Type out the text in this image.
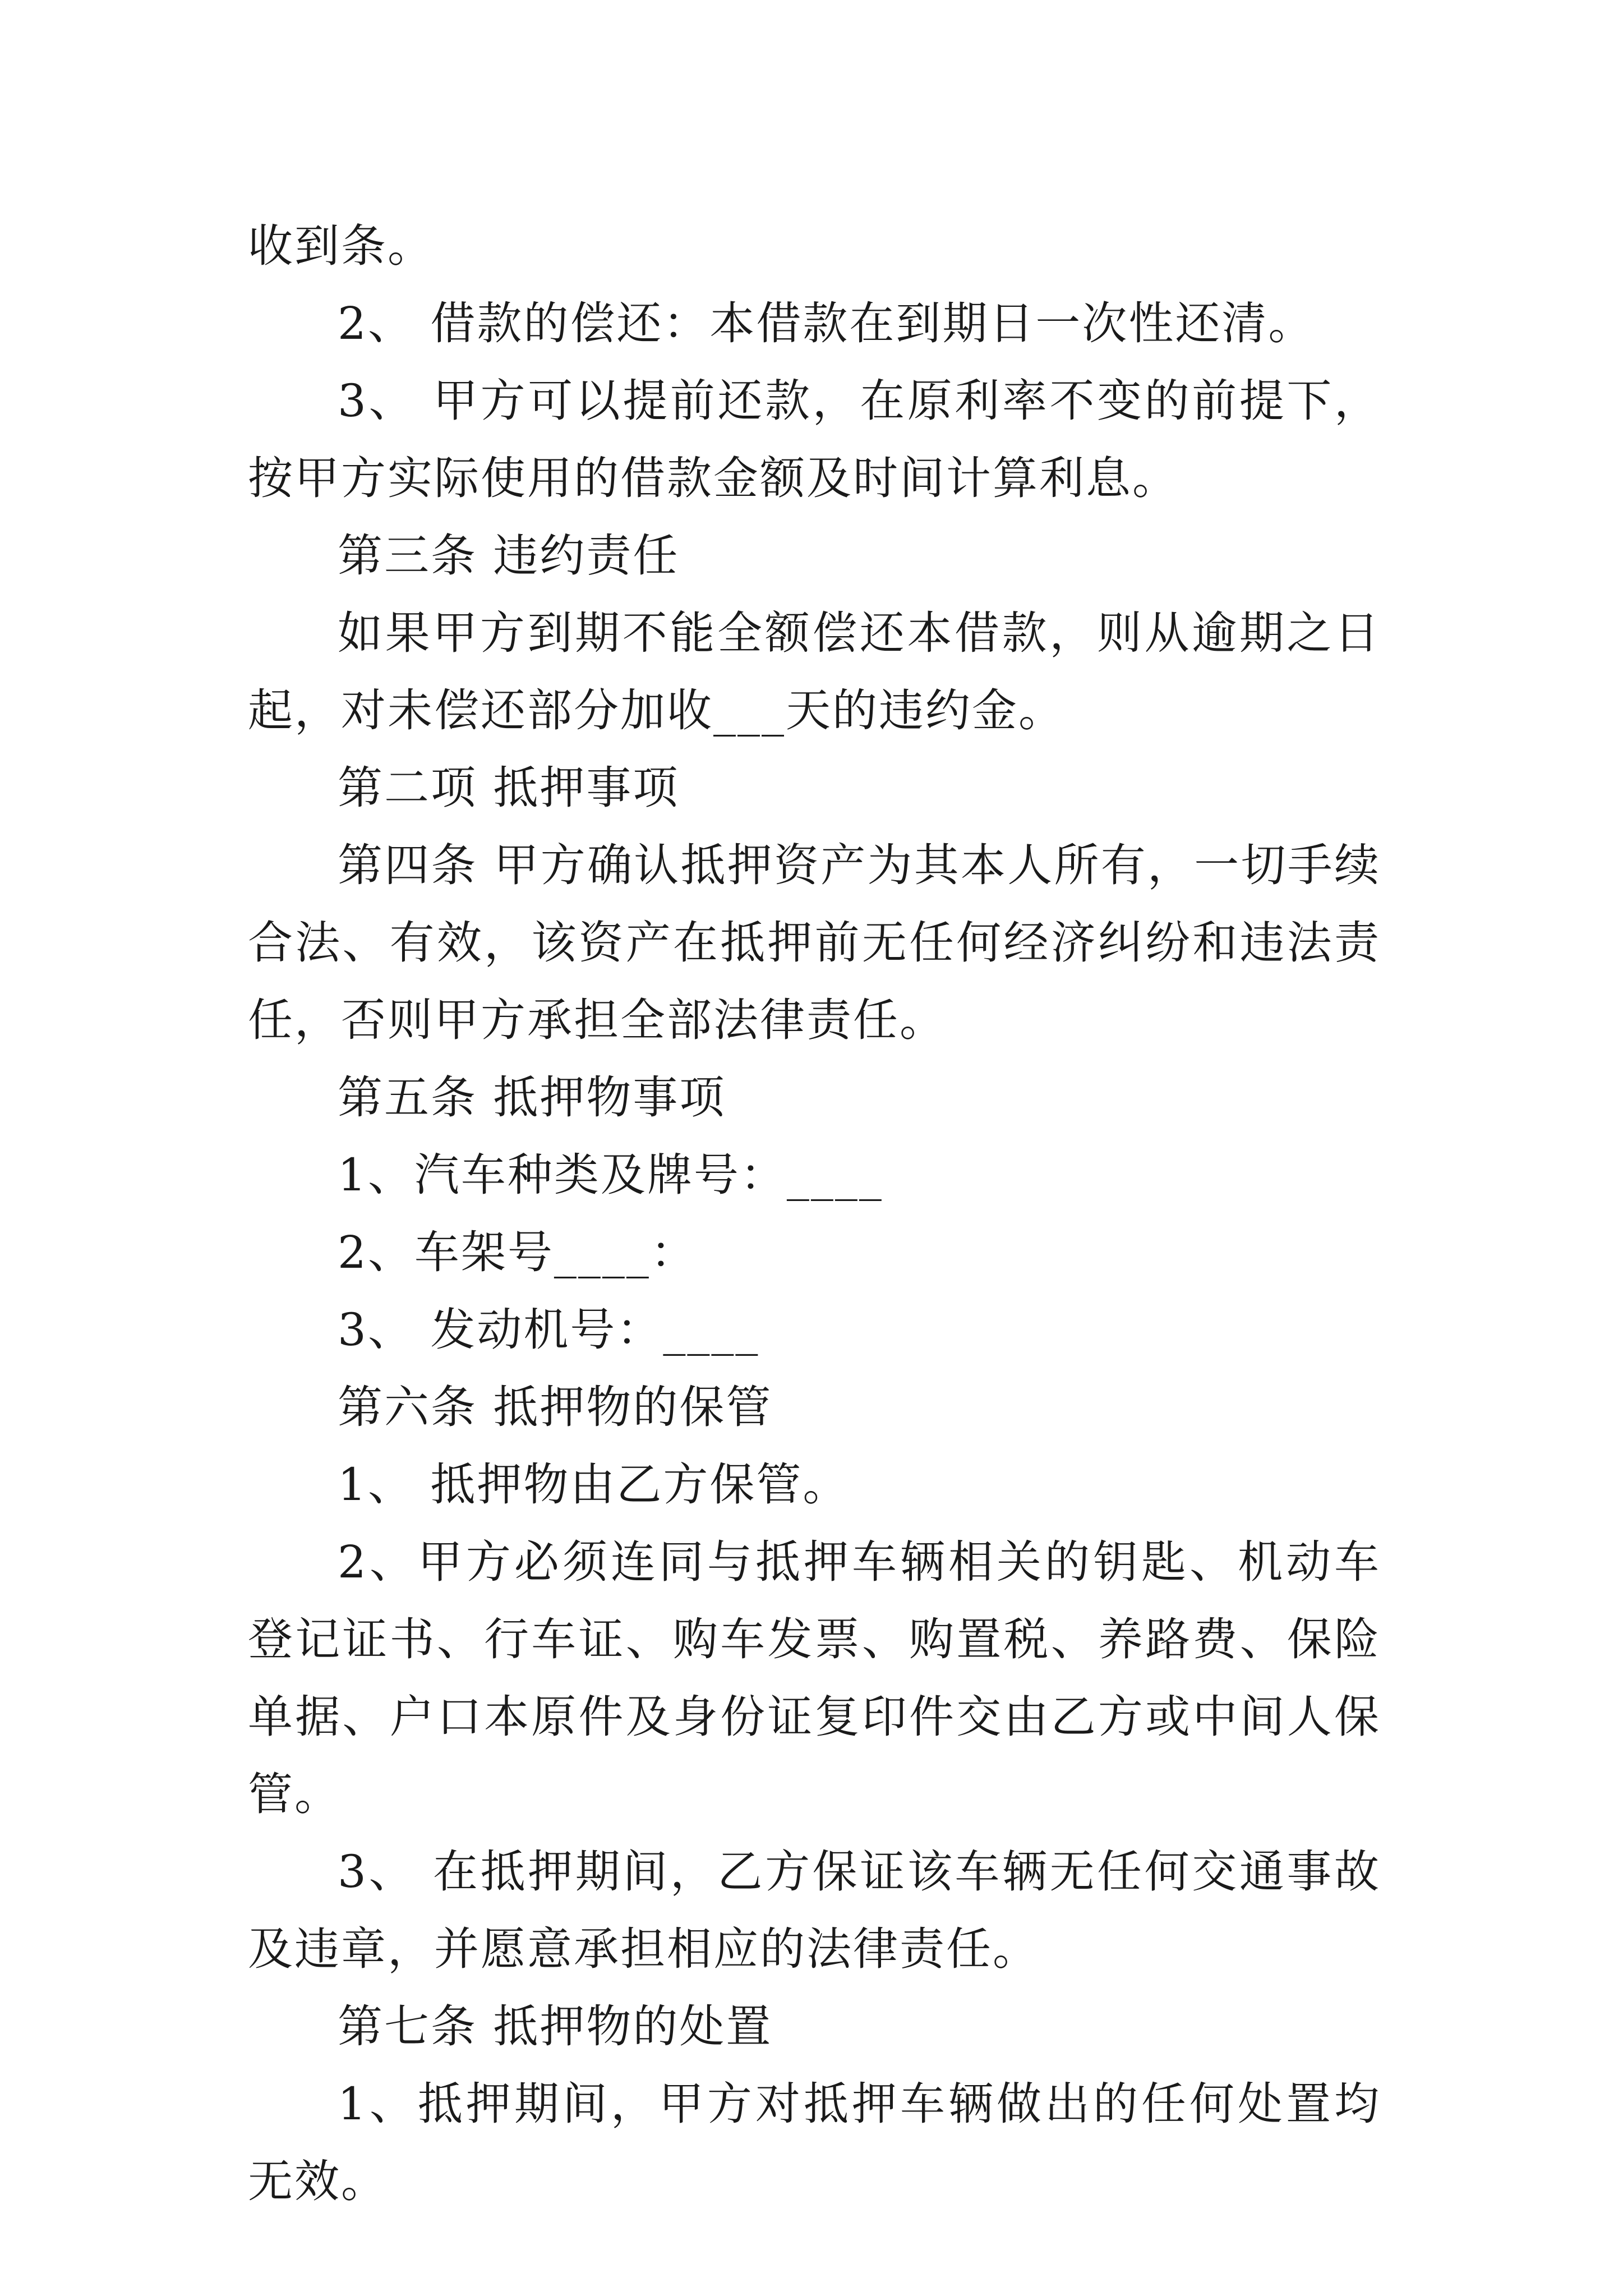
收到条。

2、 借款的偿还：本借款在到期日一次性还清。

3、 甲方可以提前还款，在原利率不变的前提下，按甲方实际使用的借款金额及时间计算利息。

第三条 违约责任

如果甲方到期不能全额偿还本借款，则从逾期之日起，对未偿还部分加收___天的违约金。

第二项 抵押事项

第四条 甲方确认抵押资产为其本人所有，一切手续合法、有效，该资产在抵押前无任何经济纠纷和违法责任，否则甲方承担全部法律责任。

第五条 抵押物事项

1、汽车种类及牌号：____

2、车架号____：

3、 发动机号：____

第六条 抵押物的保管

1、 抵押物由乙方保管。

2、甲方必须连同与抵押车辆相关的钥匙、机动车登记证书、行车证、购车发票、购置税、养路费、保险单据、户口本原件及身份证复印件交由乙方或中间人保管。

3、 在抵押期间，乙方保证该车辆无任何交通事故及违章，并愿意承担相应的法律责任。

第七条 抵押物的处置

1、抵押期间，甲方对抵押车辆做出的任何处置均无效。
